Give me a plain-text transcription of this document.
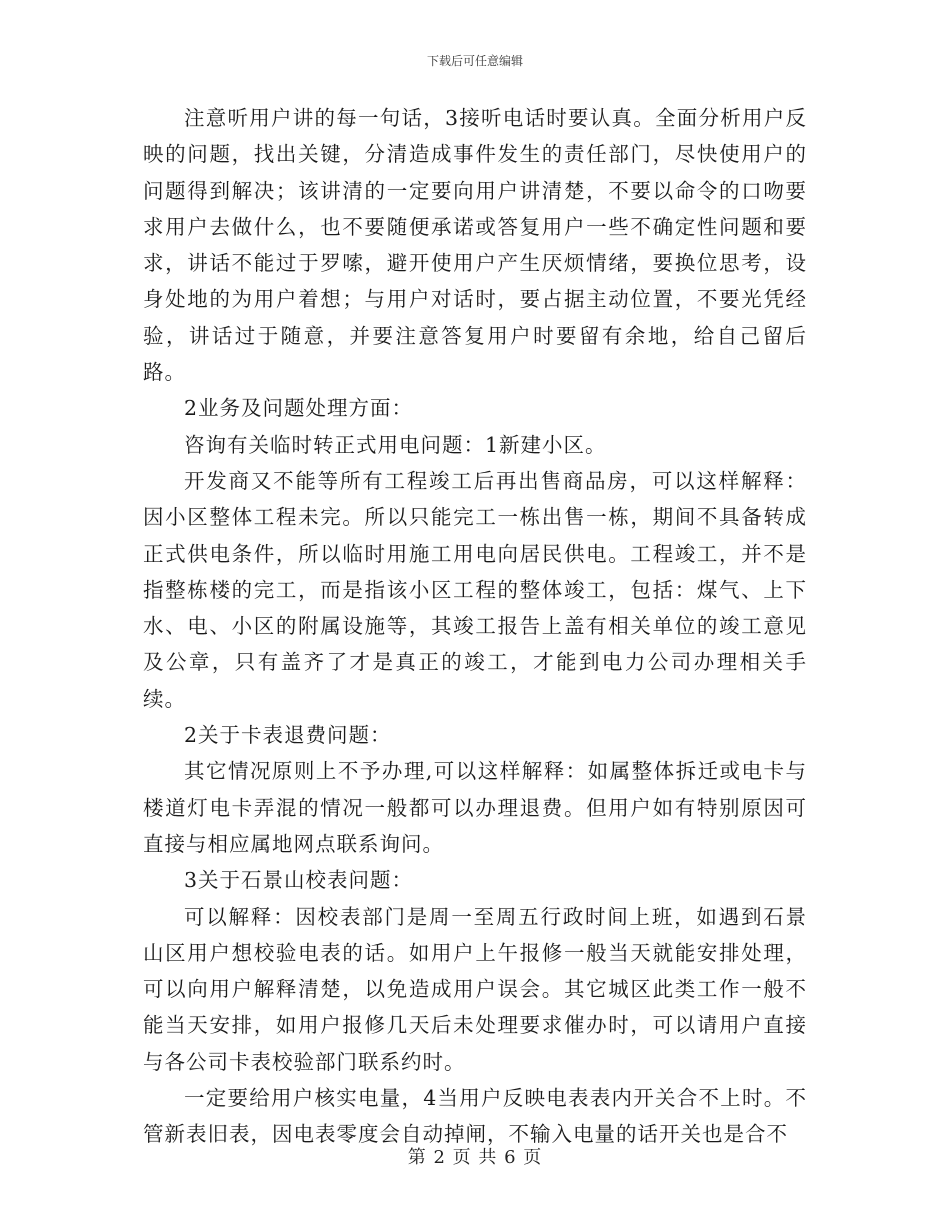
下载后可任意编辑

注意听用户讲的每一句话，3接听电话时要认真。全面分析用户反映的问题，找出关键，分清造成事件发生的责任部门，尽快使用户的问题得到解决；该讲清的一定要向用户讲清楚，不要以命令的口吻要求用户去做什么，也不要随便承诺或答复用户一些不确定性问题和要求，讲话不能过于罗嗦，避开使用户产生厌烦情绪，要换位思考，设身处地的为用户着想；与用户对话时，要占据主动位置，不要光凭经验，讲话过于随意，并要注意答复用户时要留有余地，给自己留后路。

2业务及问题处理方面：

咨询有关临时转正式用电问题：1新建小区。

开发商又不能等所有工程竣工后再出售商品房，可以这样解释：因小区整体工程未完。所以只能完工一栋出售一栋，期间不具备转成正式供电条件，所以临时用施工用电向居民供电。工程竣工，并不是指整栋楼的完工，而是指该小区工程的整体竣工，包括：煤气、上下水、电、小区的附属设施等，其竣工报告上盖有相关单位的竣工意见及公章，只有盖齐了才是真正的竣工，才能到电力公司办理相关手续。

2关于卡表退费问题：

其它情况原则上不予办理,可以这样解释：如属整体拆迁或电卡与楼道灯电卡弄混的情况一般都可以办理退费。但用户如有特别原因可直接与相应属地网点联系询问。

3关于石景山校表问题：

可以解释：因校表部门是周一至周五行政时间上班，如遇到石景山区用户想校验电表的话。如用户上午报修一般当天就能安排处理，可以向用户解释清楚，以免造成用户误会。其它城区此类工作一般不能当天安排，如用户报修几天后未处理要求催办时，可以请用户直接与各公司卡表校验部门联系约时。

一定要给用户核实电量，4当用户反映电表表内开关合不上时。不管新表旧表，因电表零度会自动掉闸，不输入电量的话开关也是合不

第 2 页 共 6 页
